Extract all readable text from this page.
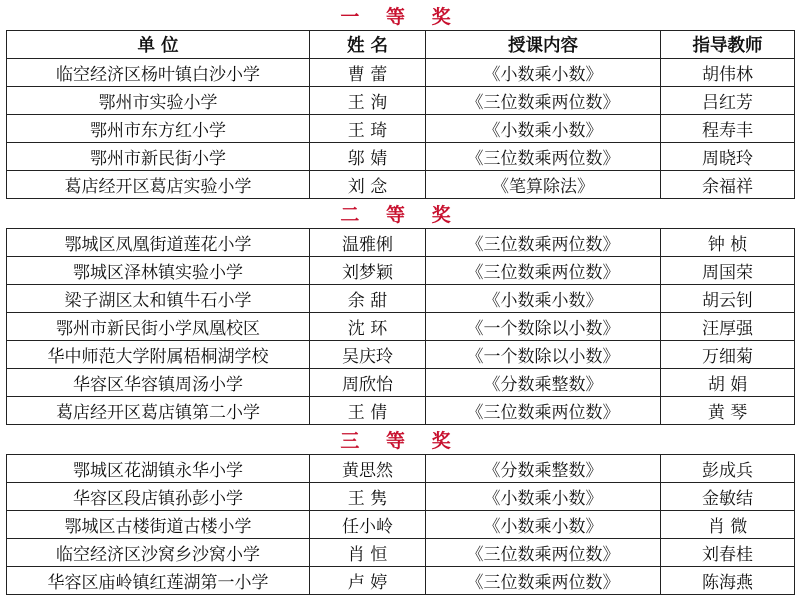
一 等 奖			
单 位	姓 名	授课内容	指导教师
临空经济区杨叶镇白沙小学	曹 蕾	《小数乘小数》	胡伟林
鄂州市实验小学	王 洵	《三位数乘两位数》	吕红芳
鄂州市东方红小学	王 琦	《小数乘小数》	程寿丰
鄂州市新民街小学	邬 婧	《三位数乘两位数》	周晓玲
葛店经开区葛店实验小学	刘 念	《笔算除法》	余福祥
二 等 奖			
鄂城区凤凰街道莲花小学	温雅俐	《三位数乘两位数》	钟 桢
鄂城区泽林镇实验小学	刘梦颖	《三位数乘两位数》	周国荣
梁子湖区太和镇牛石小学	余 甜	《小数乘小数》	胡云钊
鄂州市新民街小学凤凰校区	沈 环	《一个数除以小数》	汪厚强
华中师范大学附属梧桐湖学校	吴庆玲	《一个数除以小数》	万细菊
华容区华容镇周汤小学	周欣怡	《分数乘整数》	胡 娟
葛店经开区葛店镇第二小学	王 倩	《三位数乘两位数》	黄 琴
三 等 奖			
鄂城区花湖镇永华小学	黄思然	《分数乘整数》	彭成兵
华容区段店镇孙彭小学	王 隽	《小数乘小数》	金敏结
鄂城区古楼街道古楼小学	任小岭	《小数乘小数》	肖 微
临空经济区沙窝乡沙窝小学	肖 恒	《三位数乘两位数》	刘春桂
华容区庙岭镇红莲湖第一小学	卢 婷	《三位数乘两位数》	陈海燕
